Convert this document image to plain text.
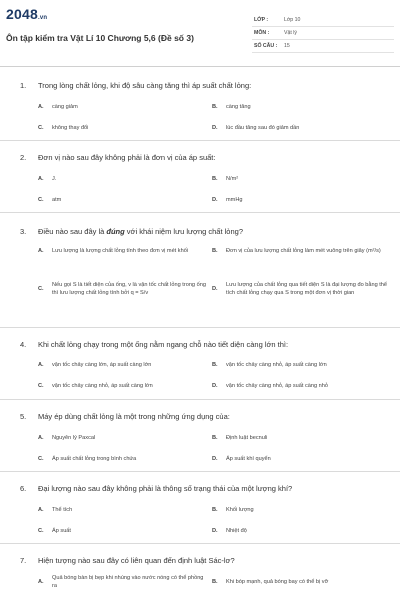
2048.vn
Ôn tập kiểm tra Vật Lí 10 Chương 5,6 (Đề số 3)
LỚP :	Lớp 10
MÔN :	Vật lý
SỐ CÂU : 15
1. Trong lòng chất lỏng, khi độ sâu càng tăng thì áp suất chất lỏng:
A.	càng giảm	B.	càng tăng
C.	không thay đổi	D.	lúc đầu tăng sau đó giảm dần
2. Đơn vị nào sau đây không phải là đơn vị của áp suất:
A.	J.	B.	N/m²
C.	atm	D.	mmHg
3. Điều nào sau đây là đúng với khái niệm lưu lượng chất lỏng?
A.	Lưu lượng là lượng chất lỏng tính theo đơn vị mét khối	B.	Đơn vị của lưu lượng chất lỏng làm mét vuông trên giây (m²/s)
C.
Nếu gọi S là tiết diện của ống, v là vận tốc chất lỏng trong ống thì lưu lượng chất lỏng tính bởi q = S/v
D.
Lưu lượng của chất lỏng qua tiết diện S là đại lượng đo bằng thể tích chất lỏng chạy qua S trong một đơn vị thời gian
4. Khi chất lỏng chạy trong một ống nằm ngang chỗ nào tiết diện càng lớn thì:
A.	vận tốc chảy càng lớn, áp suất càng lớn	B.	vận tốc chảy càng nhỏ, áp suất càng lớn
C.	vận tốc chảy càng nhỏ, áp suất càng lớn	D.	vận tốc chảy càng nhỏ, áp suất càng nhỏ
5. Máy ép dùng chất lỏng là một trong những ứng dụng của:
A.	Nguyên lý Paxcal	B.	Định luật becnuli
C.	Áp suất chất lỏng trong bình chứa	D.	Áp suất khí quyển
6. Đại lượng nào sau đây không phải là thông số trạng thái của một lượng khí?
A.	Thể tích	B.	Khối lượng
C.	Áp suất	D.	Nhiệt độ
7. Hiện tượng nào sau đây có liên quan đến định luật Sác-lơ?
A.
Quả bóng bàn bị bẹp khi nhúng vào nước nóng có thể phồng ra
B.	Khi bóp mạnh, quả bóng bay có thể bị vỡ
